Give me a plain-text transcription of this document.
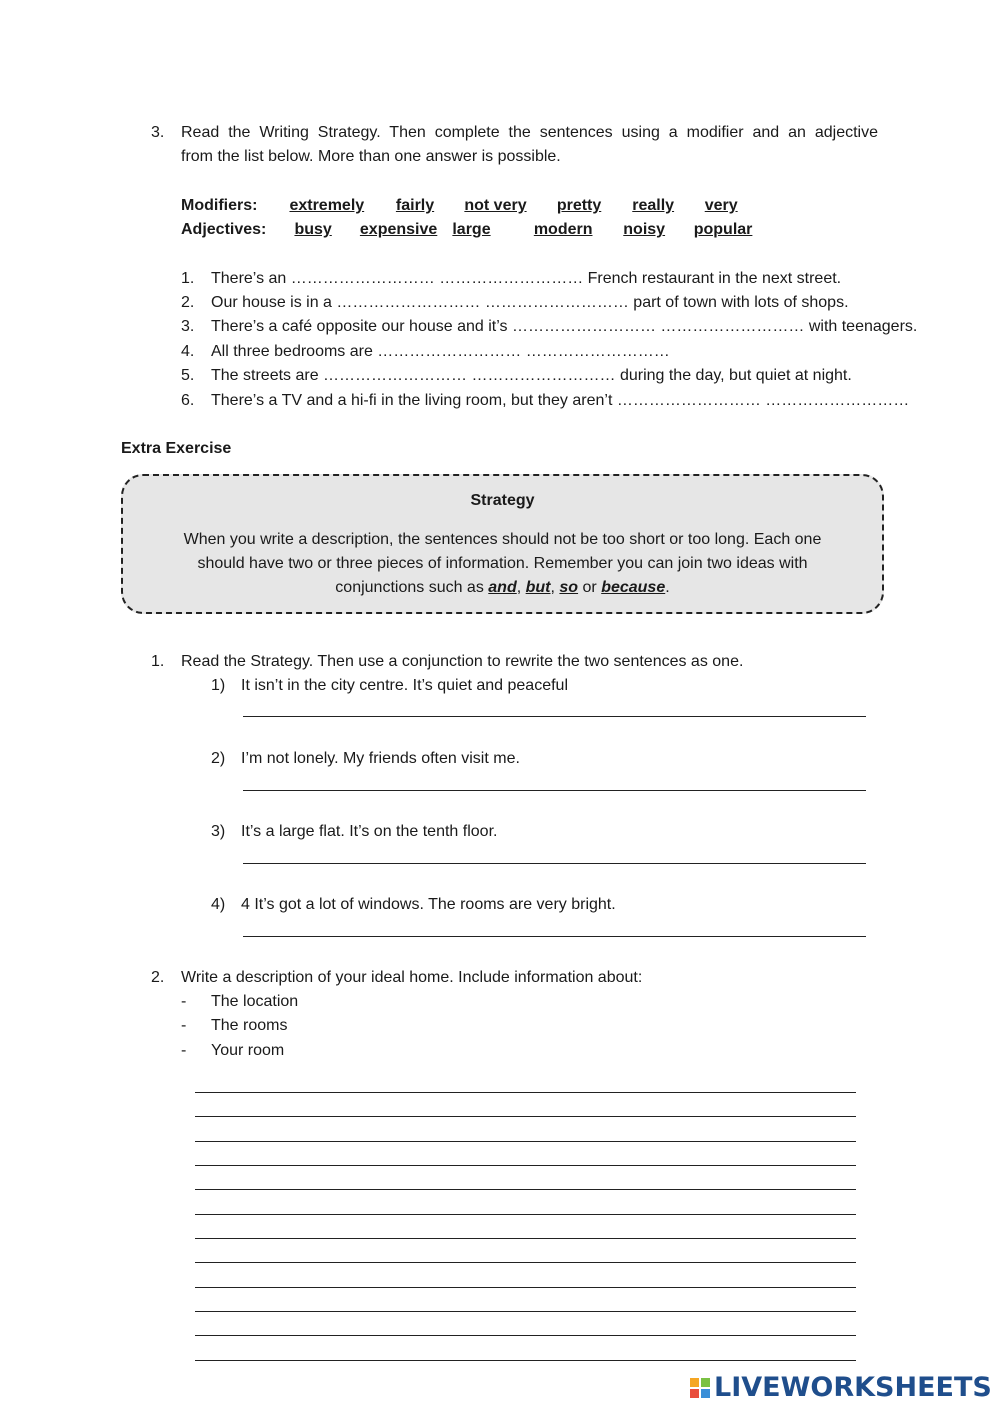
3. Read the Writing Strategy. Then complete the sentences using a modifier and an adjective
from the list below. More than one answer is possible.
Modifiers: extremely fairly not very pretty really very
Adjectives: busy expensive large	modern noisy popular
1. There’s an ……………………… ……………………… French restaurant in the next street.
2. Our house is in a ……………………… ……………………… part of town with lots of shops.
3. There’s a café opposite our house and it’s ……………………… ……………………… with teenagers.
4. All three bedrooms are ……………………… ………………………
5. The streets are ……………………… ……………………… during the day, but quiet at night.
6. There’s a TV and a hi-fi in the living room, but they aren’t ……………………… ………………………
Extra Exercise
Strategy
When you write a description, the sentences should not be too short or too long. Each one should have two or three pieces of information. Remember you can join two ideas with conjunctions such as and, but, so or because.
1. Read the Strategy. Then use a conjunction to rewrite the two sentences as one.
1) It isn’t in the city centre. It’s quiet and peaceful
2) I’m not lonely. My friends often visit me.
3) It’s a large flat. It’s on the tenth floor.
4) 4 It’s got a lot of windows. The rooms are very bright.
2. Write a description of your ideal home. Include information about:
- The location
- The rooms
- Your room
LIVEWORKSHEETS
